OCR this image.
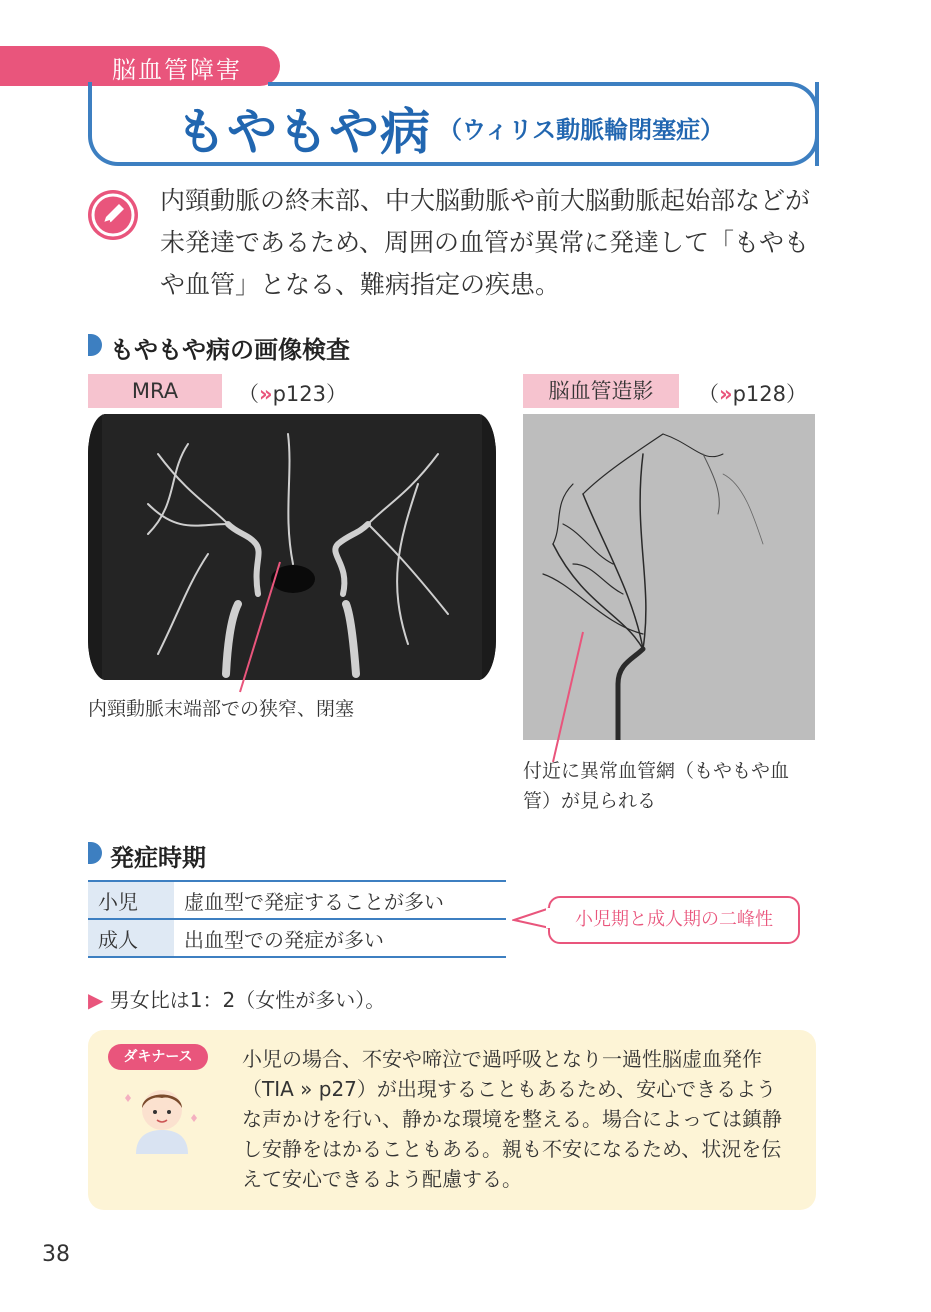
脳血管障害
もやもや病 （ウィリス動脈輪閉塞症）
内頸動脈の終末部、中大脳動脈や前大脳動脈起始部などが未発達であるため、周囲の血管が異常に発達して「もやもや血管」となる、難病指定の疾患。
もやもや病の画像検査
MRA	（»p123）	脳血管造影	（»p128）
内頸動脈末端部での狭窄、閉塞
付近に異常血管網（もやもや血
管）が見られる
発症時期
小児	虚血型で発症することが多い
成人	出血型での発症が多い
小児期と成人期の二峰性
▶ 男女比は1：2（女性が多い）。
ダキナース	小児の場合、不安や啼泣で過呼吸となり一過性脳虚血発作
（TIA » p27）が出現することもあるため、安心できるよう
な声かけを行い、静かな環境を整える。場合によっては鎮静
し安静をはかることもある。親も不安になるため、状況を伝
えて安心できるよう配慮する。
38
